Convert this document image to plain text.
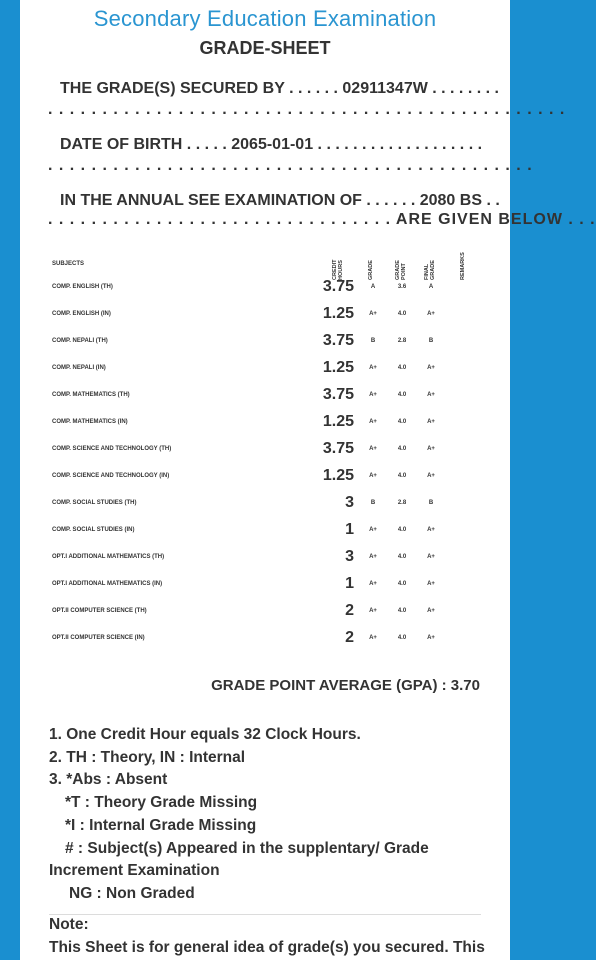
Secondary Education Examination
GRADE-SHEET
THE GRADE(S) SECURED BY . . . . . . 02911347W . . . . . . . .
. . . . . . . . . . . . . . . . . . . . . . . . . . . . . . . . . . . . . . . . . . . . . . . .
DATE OF BIRTH . . . . . 2065-01-01 . . . . . . . . . . . . . . . . . . .
. . . . . . . . . . . . . . . . . . . . . . . . . . . . . . . . . . . . . . . . . . . . .
IN THE ANNUAL SEE EXAMINATION OF . . . . . . 2080 BS . .
. . . . . . . . . . . . . . . . . . . . . . . . . . . . . . . . ARE GIVEN BELOW . . .
SUBJECTS	CREDIT HOURS	GRADE	GRADE POINT	FINAL GRADE	REMARKS
COMP. ENGLISH (TH)	3.75	A	3.6	A
COMP. ENGLISH (IN)	1.25	A+	4.0	A+
COMP. NEPALI (TH)	3.75	B	2.8	B
COMP. NEPALI (IN)	1.25	A+	4.0	A+
COMP. MATHEMATICS (TH)	3.75	A+	4.0	A+
COMP. MATHEMATICS (IN)	1.25	A+	4.0	A+
COMP. SCIENCE AND TECHNOLOGY (TH)	3.75	A+	4.0	A+
COMP. SCIENCE AND TECHNOLOGY (IN)	1.25	A+	4.0	A+
COMP. SOCIAL STUDIES (TH)	3	B	2.8	B
COMP. SOCIAL STUDIES (IN)	1	A+	4.0	A+
OPT.I ADDITIONAL MATHEMATICS (TH)	3	A+	4.0	A+
OPT.I ADDITIONAL MATHEMATICS (IN)	1	A+	4.0	A+
OPT.II COMPUTER SCIENCE (TH)	2	A+	4.0	A+
OPT.II COMPUTER SCIENCE (IN)	2	A+	4.0	A+
GRADE POINT AVERAGE (GPA) : 3.70
1. One Credit Hour equals 32 Clock Hours.
2. TH : Theory, IN : Internal
3. *Abs : Absent
*T : Theory Grade Missing
*I : Internal Grade Missing
# : Subject(s) Appeared in the supplentary/ Grade
Increment Examination
NG : Non Graded
Note:
This Sheet is for general idea of grade(s) you secured. This
